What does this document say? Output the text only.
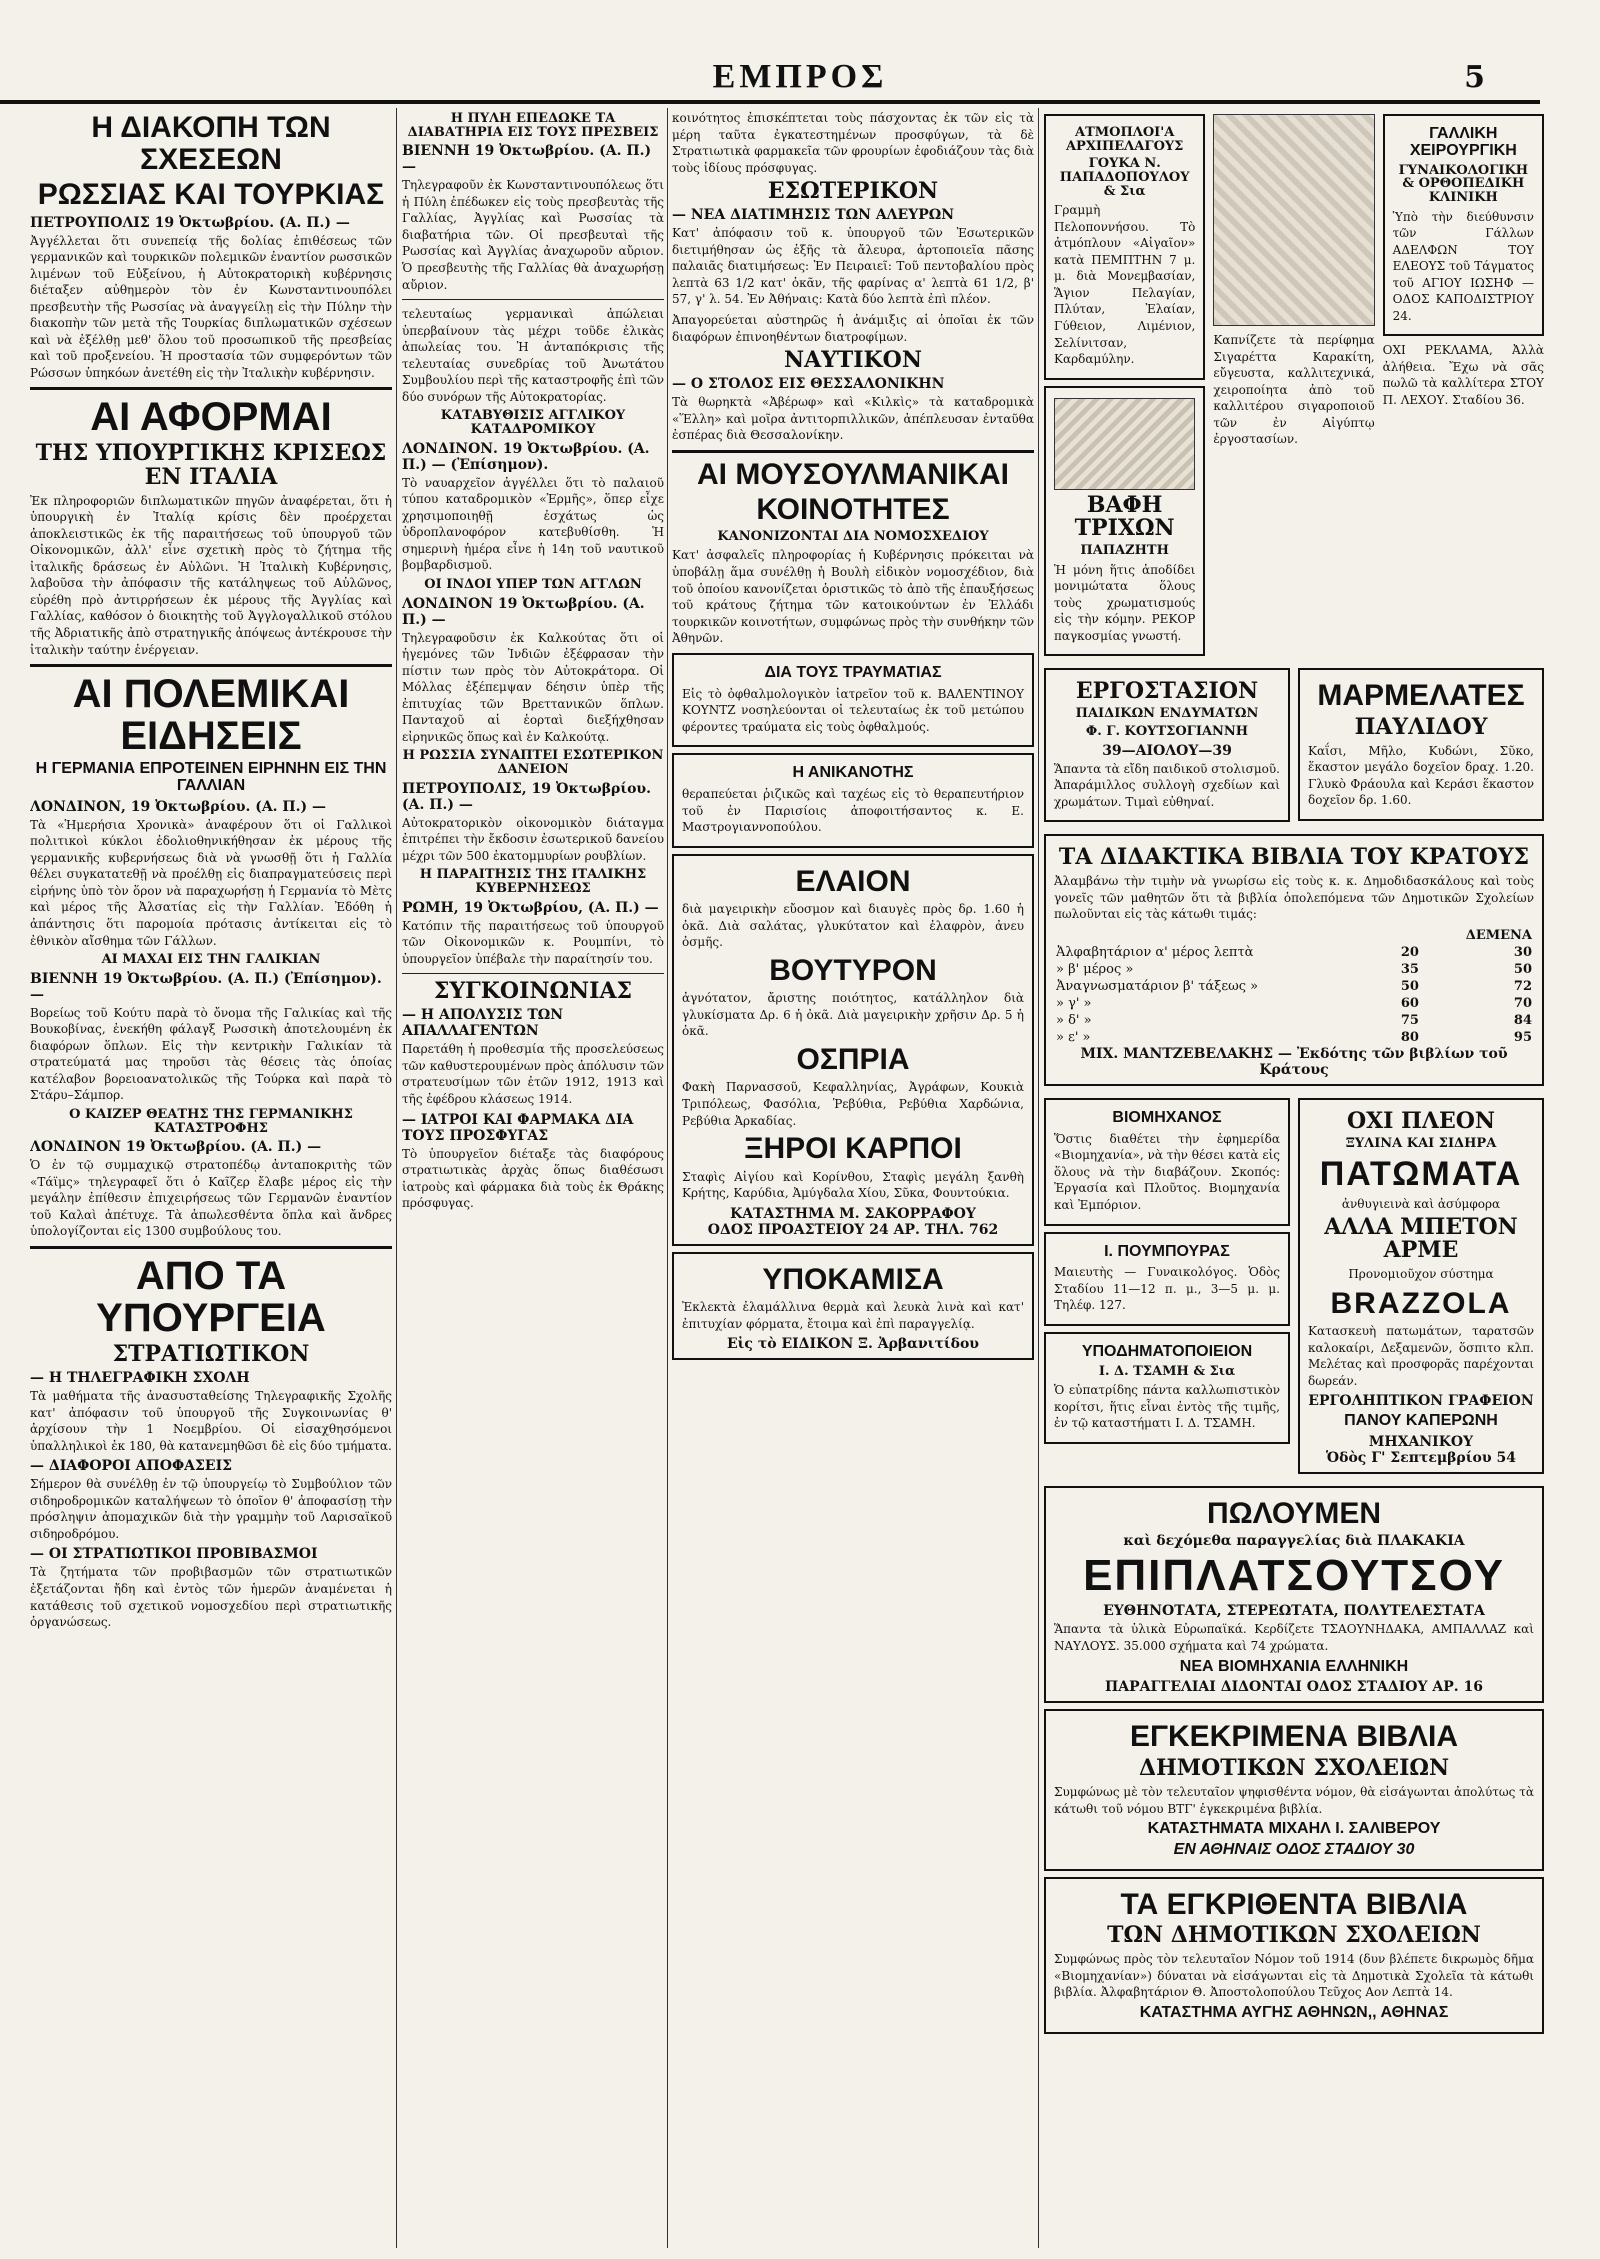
ΕΜΠΡΟΣ	5
Η ΔΙΑΚΟΠΗ ΤΩΝ ΣΧΕΣΕΩΝ
ΡΩΣΣΙΑΣ ΚΑΙ ΤΟΥΡΚΙΑΣ
ΠΕΤΡΟΥΠΟΛΙΣ 19 Ὀκτωβρίου. (Α. Π.) —
Ἀγγέλλεται ὅτι συνεπείᾳ τῆς δολίας ἐπιθέσεως τῶν γερμανικῶν καὶ τουρκικῶν πολεμικῶν ἐναντίον ρωσσικῶν λιμένων τοῦ Εὐξείνου, ἡ Αὐτοκρατορικὴ κυβέρνησις διέταξεν αὐθημερὸν τὸν ἐν Κωνσταντινουπόλει πρεσβευτὴν τῆς Ρωσσίας νὰ ἀναγγείλῃ εἰς τὴν Πύλην τὴν διακοπὴν τῶν μετὰ τῆς Τουρκίας διπλωματικῶν σχέσεων καὶ νὰ ἐξέλθῃ μεθ' ὅλου τοῦ προσωπικοῦ τῆς πρεσβείας καὶ τοῦ προξενείου. Ἡ προστασία τῶν συμφερόντων τῶν Ρώσσων ὑπηκόων ἀνετέθη εἰς τὴν Ἰταλικὴν κυβέρνησιν.
ΑΙ ΑΦΟΡΜΑΙ
ΤΗΣ ΥΠΟΥΡΓΙΚΗΣ ΚΡΙΣΕΩΣ ΕΝ ΙΤΑΛΙΑ
Ἐκ πληροφοριῶν διπλωματικῶν πηγῶν ἀναφέρεται, ὅτι ἡ ὑπουργικὴ ἐν Ἰταλίᾳ κρίσις δὲν προέρχεται ἀποκλειστικῶς ἐκ τῆς παραιτήσεως τοῦ ὑπουργοῦ τῶν Οἰκονομικῶν, ἀλλ' εἶνε σχετικὴ πρὸς τὸ ζήτημα τῆς ἰταλικῆς δράσεως ἐν Αὐλῶνι. Ἡ Ἰταλικὴ Κυβέρνησις, λαβοῦσα τὴν ἀπόφασιν τῆς κατάληψεως τοῦ Αὐλῶνος, εὑρέθη πρὸ ἀντιρρήσεων ἐκ μέρους τῆς Ἀγγλίας καὶ Γαλλίας, καθόσον ὁ διοικητὴς τοῦ Ἀγγλογαλλικοῦ στόλου τῆς Ἀδριατικῆς ἀπὸ στρατηγικῆς ἀπόψεως ἀντέκρουσε τὴν ἰταλικὴν ταύτην ἐνέργειαν.
ΑΙ ΠΟΛΕΜΙΚΑΙ ΕΙΔΗΣΕΙΣ
Η ΓΕΡΜΑΝΙΑ ΕΠΡΟΤΕΙΝΕΝ ΕΙΡΗΝΗΝ ΕΙΣ ΤΗΝ ΓΑΛΛΙΑΝ
ΛΟΝΔΙΝΟΝ, 19 Ὀκτωβρίου. (Α. Π.) —
Τὰ «Ἡμερήσια Χρονικὰ» ἀναφέρουν ὅτι οἱ Γαλλικοὶ πολιτικοὶ κύκλοι ἐδολιοθηνικήθησαν ἐκ μέρους τῆς γερμανικῆς κυβερνήσεως διὰ νὰ γνωσθῇ ὅτι ἡ Γαλλία θέλει συγκατατεθῇ νὰ προέλθῃ εἰς διαπραγματεύσεις περὶ εἰρήνης ὑπὸ τὸν ὅρον νὰ παραχωρήσῃ ἡ Γερμανία τὸ Μὲτς καὶ μέρος τῆς Ἀλσατίας εἰς τὴν Γαλλίαν. Ἐδόθη ἡ ἀπάντησις ὅτι παρομοία πρότασις ἀντίκειται εἰς τὸ ἐθνικὸν αἴσθημα τῶν Γάλλων.
ΑΙ ΜΑΧΑΙ ΕΙΣ ΤΗΝ ΓΑΛΙΚΙΑΝ
ΒΙΕΝΝΗ 19 Ὀκτωβρίου. (Α. Π.) (Ἐπίσημον). —
Βορείως τοῦ Κούτυ παρὰ τὸ ὄνομα τῆς Γαλικίας καὶ τῆς Βουκοβίνας, ἐνεκήθη φάλαγξ Ρωσσικὴ ἀποτελουμένη ἐκ διαφόρων ὅπλων. Εἰς τὴν κεντρικὴν Γαλικίαν τὰ στρατεύματά μας τηροῦσι τὰς θέσεις τὰς ὁποίας κατέλαβον βορειοανατολικῶς τῆς Τούρκα καὶ παρὰ τὸ Στάρυ–Σάμπορ.
Ο ΚΑΙΖΕΡ ΘΕΑΤΗΣ ΤΗΣ ΓΕΡΜΑΝΙΚΗΣ ΚΑΤΑΣΤΡΟΦΗΣ
ΛΟΝΔΙΝΟΝ 19 Ὀκτωβρίου. (Α. Π.) —
Ὁ ἐν τῷ συμμαχικῷ στρατοπέδῳ ἀνταποκριτὴς τῶν «Τάϊμς» τηλεγραφεῖ ὅτι ὁ Καῖζερ ἔλαβε μέρος εἰς τὴν μεγάλην ἐπίθεσιν ἐπιχειρήσεως τῶν Γερμανῶν ἐναντίον τοῦ Καλαὶ ἀπέτυχε. Τὰ ἀπωλεσθέντα ὅπλα καὶ ἄνδρες ὑπολογίζονται εἰς 1300 συμβούλους του.
ΑΠΟ ΤΑ ΥΠΟΥΡΓΕΙΑ
ΣΤΡΑΤΙΩΤΙΚΟΝ
— Η ΤΗΛΕΓΡΑΦΙΚΗ ΣΧΟΛΗ
Τὰ μαθήματα τῆς ἀνασυσταθείσης Τηλεγραφικῆς Σχολῆς κατ' ἀπόφασιν τοῦ ὑπουργοῦ τῆς Συγκοινωνίας θ' ἀρχίσουν τὴν 1 Νοεμβρίου. Οἱ εἰσαχθησόμενοι ὑπαλληλικοὶ ἐκ 180, θὰ κατανεμηθῶσι δὲ εἰς δύο τμήματα.
— ΔΙΑΦΟΡΟΙ ΑΠΟΦΑΣΕΙΣ
Σήμερον θὰ συνέλθῃ ἐν τῷ ὑπουργείῳ τὸ Συμβούλιον τῶν σιδηροδρομικῶν καταλήψεων τὸ ὁποῖον θ' ἀποφασίσῃ τὴν πρόσληψιν ἀπομαχικῶν διὰ τὴν γραμμὴν τοῦ Λαρισαϊκοῦ σιδηροδρόμου.
— ΟΙ ΣΤΡΑΤΙΩΤΙΚΟΙ ΠΡΟΒΙΒΑΣΜΟΙ
Τὰ ζητήματα τῶν προβιβασμῶν τῶν στρατιωτικῶν ἐξετάζονται ἤδη καὶ ἐντὸς τῶν ἡμερῶν ἀναμένεται ἡ κατάθεσις τοῦ σχετικοῦ νομοσχεδίου περὶ στρατιωτικῆς ὀργανώσεως.
Η ΠΥΛΗ ΕΠΕΔΩΚΕ ΤΑ ΔΙΑΒΑΤΗΡΙΑ ΕΙΣ ΤΟΥΣ ΠΡΕΣΒΕΙΣ
ΒΙΕΝΝΗ 19 Ὀκτωβρίου. (Α. Π.) —
Τηλεγραφοῦν ἐκ Κωνσταντινουπόλεως ὅτι ἡ Πύλη ἐπέδωκεν εἰς τοὺς πρεσβευτὰς τῆς Γαλλίας, Ἀγγλίας καὶ Ρωσσίας τὰ διαβατήρια τῶν. Οἱ πρεσβευταὶ τῆς Ρωσσίας καὶ Ἀγγλίας ἀναχωροῦν αὔριον. Ὁ πρεσβευτὴς τῆς Γαλλίας θὰ ἀναχωρήσῃ αὔριον.
τελευταίως γερμανικαὶ ἀπώλειαι ὑπερβαίνουν τὰς μέχρι τοῦδε ἐλικὰς ἀπωλείας του. Ἡ ἀνταπόκρισις τῆς τελευταίας συνεδρίας τοῦ Ἀνωτάτου Συμβουλίου περὶ τῆς καταστροφῆς ἐπὶ τῶν δύο συνόρων τῆς Αὐτοκρατορίας.
ΚΑΤΑΒΥΘΙΣΙΣ ΑΓΓΛΙΚΟΥ ΚΑΤΑΔΡΟΜΙΚΟΥ
ΛΟΝΔΙΝΟΝ. 19 Ὀκτωβρίου. (Α. Π.) — (Ἐπίσημον).
Τὸ ναυαρχεῖον ἀγγέλλει ὅτι τὸ παλαιοῦ τύπου καταδρομικὸν «Ἑρμῆς», ὅπερ εἶχε χρησιμοποιηθῇ ἐσχάτως ὡς ὑδροπλανοφόρον κατεβυθίσθη. Ἡ σημερινὴ ἡμέρα εἶνε ἡ 14η τοῦ ναυτικοῦ βομβαρδισμοῦ.
ΟΙ ΙΝΔΟΙ ΥΠΕΡ ΤΩΝ ΑΓΓΛΩΝ
ΛΟΝΔΙΝΟΝ 19 Ὀκτωβρίου. (Α. Π.) —
Τηλεγραφοῦσιν ἐκ Καλκούτας ὅτι οἱ ἡγεμόνες τῶν Ἰνδιῶν ἐξέφρασαν τὴν πίστιν των πρὸς τὸν Αὐτοκράτορα. Οἱ Μόλλας ἐξέπεμψαν δέησιν ὑπὲρ τῆς ἐπιτυχίας τῶν Βρεττανικῶν ὅπλων. Πανταχοῦ αἱ ἑορταὶ διεξήχθησαν εἰρηνικῶς ὅπως καὶ ἐν Καλκούτᾳ.
Η ΡΩΣΣΙΑ ΣΥΝΑΠΤΕΙ ΕΣΩΤΕΡΙΚΟΝ ΔΑΝΕΙΟΝ
ΠΕΤΡΟΥΠΟΛΙΣ, 19 Ὀκτωβρίου. (Α. Π.) —
Αὐτοκρατορικὸν οἰκονομικὸν διάταγμα ἐπιτρέπει τὴν ἔκδοσιν ἐσωτερικοῦ δανείου μέχρι τῶν 500 ἑκατομμυρίων ρουβλίων.
Η ΠΑΡΑΙΤΗΣΙΣ ΤΗΣ ΙΤΑΛΙΚΗΣ ΚΥΒΕΡΝΗΣΕΩΣ
ΡΩΜΗ, 19 Ὀκτωβρίου, (Α. Π.) —
Κατόπιν τῆς παραιτήσεως τοῦ ὑπουργοῦ τῶν Οἰκονομικῶν κ. Ρουμπίνι, τὸ ὑπουργεῖον ὑπέβαλε τὴν παραίτησίν του.
ΣΥΓΚΟΙΝΩΝΙΑΣ
— Η ΑΠΟΛΥΣΙΣ ΤΩΝ ΑΠΑΛΛΑΓΕΝΤΩΝ
Παρετάθη ἡ προθεσμία τῆς προσελεύσεως τῶν καθυστερουμένων πρὸς ἀπόλυσιν τῶν στρατευσίμων τῶν ἐτῶν 1912, 1913 καὶ τῆς ἐφέδρου κλάσεως 1914.
— ΙΑΤΡΟΙ ΚΑΙ ΦΑΡΜΑΚΑ ΔΙΑ ΤΟΥΣ ΠΡΟΣΦΥΓΑΣ
Τὸ ὑπουργεῖον διέταξε τὰς διαφόρους στρατιωτικὰς ἀρχὰς ὅπως διαθέσωσι ἰατροὺς καὶ φάρμακα διὰ τοὺς ἐκ Θράκης πρόσφυγας.
κοινότητος ἐπισκέπτεται τοὺς πάσχοντας ἐκ τῶν εἰς τὰ μέρη ταῦτα ἐγκατεστημένων προσφύγων, τὰ δὲ Στρατιωτικὰ φαρμακεῖα τῶν φρουρίων ἐφοδιάζουν τὰς διὰ τοὺς ἰδίους πρόσφυγας.
ΕΣΩΤΕΡΙΚΟΝ
— ΝΕΑ ΔΙΑΤΙΜΗΣΙΣ ΤΩΝ ΑΛΕΥΡΩΝ
Κατ' ἀπόφασιν τοῦ κ. ὑπουργοῦ τῶν Ἐσωτερικῶν διετιμήθησαν ὡς ἑξῆς τὰ ἄλευρα, ἀρτοποιεῖα πᾶσης παλαιᾶς διατιμήσεως: Ἐν Πειραιεῖ: Τοῦ πεντοβαλίου πρὸς λεπτὰ 63 1/2 κατ' ὀκᾶν, τῆς φαρίνας α' λεπτὰ 61 1/2, β' 57, γ' λ. 54. Ἐν Ἀθήναις: Κατὰ δύο λεπτὰ ἐπὶ πλέον.
Ἀπαγορεύεται αὐστηρῶς ἡ ἀνάμιξις αἱ ὁποῖαι ἐκ τῶν διαφόρων ἐπινοηθέντων διατροφίμων.
ΝΑΥΤΙΚΟΝ
— Ο ΣΤΟΛΟΣ ΕΙΣ ΘΕΣΣΑΛΟΝΙΚΗΝ
Τὰ θωρηκτὰ «Ἀβέρωφ» καὶ «Κιλκὶς» τὰ καταδρομικὰ «Ἕλλη» καὶ μοῖρα ἀντιτορπιλλικῶν, ἀπέπλευσαν ἐνταῦθα ἐσπέρας διὰ Θεσσαλονίκην.
ΑΙ ΜΟΥΣΟΥΛΜΑΝΙΚΑΙ
ΚΟΙΝΟΤΗΤΕΣ
ΚΑΝΟΝΙΖΟΝΤΑΙ ΔΙΑ ΝΟΜΟΣΧΕΔΙΟΥ
Κατ' ἀσφαλεῖς πληροφορίας ἡ Κυβέρνησις πρόκειται νὰ ὑποβάλῃ ἅμα συνέλθῃ ἡ Βουλὴ εἰδικὸν νομοσχέδιον, διὰ τοῦ ὁποίου κανονίζεται ὁριστικῶς τὸ ἀπὸ τῆς ἐπαυξήσεως τοῦ κράτους ζήτημα τῶν κατοικούντων ἐν Ἑλλάδι τουρκικῶν κοινοτήτων, συμφώνως πρὸς τὴν συνθήκην τῶν Ἀθηνῶν.
ΔΙΑ ΤΟΥΣ ΤΡΑΥΜΑΤΙΑΣ
Εἰς τὸ ὀφθαλμολογικὸν ἰατρεῖον τοῦ κ. ΒΑΛΕΝΤΙΝΟΥ ΚΟΥΝΤΖ νοσηλεύονται οἱ τελευταίως ἐκ τοῦ μετώπου φέροντες τραύματα εἰς τοὺς ὀφθαλμούς.
Η ΑΝΙΚΑΝΟΤΗΣ
θεραπεύεται ῥιζικῶς καὶ ταχέως εἰς τὸ θεραπευτήριον τοῦ ἐν Παρισίοις ἀποφοιτήσαντος κ. Ε. Μαστρογιαννοπούλου.
ΕΛΑΙΟΝ
διὰ μαγειρικὴν εὔοσμον καὶ διαυγὲς πρὸς δρ. 1.60 ἡ ὀκᾶ. Διὰ σαλάτας, γλυκύτατον καὶ ἐλαφρὸν, ἀνευ ὀσμῆς.
ΒΟΥΤΥΡΟΝ
ἀγνότατον, ἄριστης ποιότητος, κατάλληλον διὰ γλυκίσματα Δρ. 6 ἡ ὀκᾶ. Διὰ μαγειρικὴν χρῆσιν Δρ. 5 ἡ ὀκᾶ.
ΟΣΠΡΙΑ
Φακὴ Παρνασσοῦ, Κεφαλληνίας, Ἀγράφων, Κουκιὰ Τριπόλεως, Φασόλια, Ῥεβύθια, Ρεβύθια Χαρδώνια, Ρεβύθια Ἀρκαδίας.
ΞΗΡΟΙ ΚΑΡΠΟΙ
Σταφὶς Αἰγίου καὶ Κορίνθου, Σταφὶς μεγάλη ξανθὴ Κρήτης, Καρύδια, Ἀμύγδαλα Χίου, Σῦκα, Φουντούκια.
ΚΑΤΑΣΤΗΜΑ Μ. ΣΑΚΟΡΡΑΦΟΥ
ΟΔΟΣ ΠΡΟΑΣΤΕΙΟΥ 24 ΑΡ. ΤΗΛ. 762
ΥΠΟΚΑΜΙΣΑ
Ἐκλεκτὰ ἐλαμάλλινα θερμὰ καὶ λευκὰ λινὰ καὶ κατ' ἐπιτυχίαν φόρματα, ἔτοιμα καὶ ἐπὶ παραγγελίᾳ.
Εἰς τὸ ΕΙΔΙΚΟΝ Ξ. Ἀρβανιτίδου
ΑΤΜΟΠΛΟΙ'Α ΑΡΧΙΠΕΛΑΓΟΥΣ
ΓΟΥΚΑ Ν. ΠΑΠΑΔΟΠΟΥΛΟΥ & Σια
Γραμμὴ Πελοποννήσου. Τὸ ἀτμόπλουν «Αἰγαῖον» κατὰ ΠΕΜΠΤΗΝ 7 μ. μ. διὰ Μονεμβασίαν, Ἅγιον Πελαγίαν, Πλύταν, Ἐλαίαν, Γύθειον, Λιμένιον, Σελίνιτσαν, Καρδαμύλην.
ΒΑΦΗ ΤΡΙΧΩΝ
ΠΑΠΑΖΗΤΗ
Ἡ μόνη ἥτις ἀποδίδει μονιμώτατα ὅλους τοὺς χρωματισμούς εἰς τὴν κόμην. ΡΕΚΟΡ παγκοσμίας γνωστή.
Καπνίζετε τὰ περίφημα Σιγαρέττα Καρακίτη, εὔγευστα, καλλιτεχνικά, χειροποίητα ἀπὸ τοῦ καλλιτέρου σιγαροποιοῦ τῶν ἐν Αἰγύπτῳ ἐργοστασίων.
ΓΑΛΛΙΚΗ ΧΕΙΡΟΥΡΓΙΚΗ
ΓΥΝΑΙΚΟΛΟΓΙΚΗ & ΟΡΘΟΠΕΔΙΚΗ ΚΛΙΝΙΚΗ
Ὑπὸ τὴν διεύθυνσιν τῶν Γάλλων ΑΔΕΛΦΩΝ ΤΟΥ ΕΛΕΟΥΣ τοῦ Τάγματος τοῦ ΑΓΙΟΥ ΙΩΣΗΦ — ΟΔΟΣ ΚΑΠΟΔΙΣΤΡΙΟΥ 24.
ΟΧΙ ΡΕΚΛΑΜΑ, Ἀλλὰ ἀλήθεια. Ἔχω νὰ σᾶς πωλῶ τὰ καλλίτερα ΣΤΟΥ Π. ΛΕΧΟΥ. Σταδίου 36.
ΕΡΓΟΣΤΑΣΙΟΝ
ΠΑΙΔΙΚΩΝ ΕΝΔΥΜΑΤΩΝ
Φ. Γ. ΚΟΥΤΣΟΓΙΑΝΝΗ
39—ΑΙΟΛΟΥ—39
Ἅπαντα τὰ εἴδη παιδικοῦ στολισμοῦ. Ἀπαράμιλλος συλλογὴ σχεδίων καὶ χρωμάτων. Τιμαὶ εὐθηναί.
ΜΑΡΜΕΛΑΤΕΣ
ΠΑΥΛΙΔΟΥ
Καΐσι, Μῆλο, Κυδώνι, Σῦκο, ἕκαστον μεγάλο δοχεῖον δραχ. 1.20. Γλυκὸ Φράουλα καὶ Κεράσι ἕκαστον δοχεῖον δρ. 1.60.
ΤΑ ΔΙΔΑΚΤΙΚΑ ΒΙΒΛΙΑ ΤΟΥ ΚΡΑΤΟΥΣ
Ἀλαμβάνω τὴν τιμὴν νὰ γνωρίσω εἰς τοὺς κ. κ. Δημοδιδασκάλους καὶ τοὺς γονεῖς τῶν μαθητῶν ὅτι τὰ βιβλία ὁπολεπόμενα τῶν Δημοτικῶν Σχολείων πωλοῦνται εἰς τὰς κάτωθι τιμάς:
		ΔΕΜΕΝΑ
Ἀλφαβητάριον α' μέρος λεπτὰ	20	30
» β' μέρος »	35	50
Ἀναγνωσματάριον β' τάξεως »	50	72
» γ' »	60	70
» δ' »	75	84
» ε' »	80	95
ΜΙΧ. ΜΑΝΤΖΕΒΕΛΑΚΗΣ — Ἐκδότης τῶν βιβλίων τοῦ Κράτους
ΒΙΟΜΗΧΑΝΟΣ
Ὅστις διαθέτει τὴν ἐφημερίδα «Βιομηχανία», νὰ τὴν θέσει κατὰ εἰς ὅλους νὰ τὴν διαβάζουν. Σκοπός: Ἐργασία καὶ Πλοῦτος. Βιομηχανία καὶ Ἐμπόριον.
Ι. ΠΟΥΜΠΟΥΡΑΣ
Μαιευτὴς — Γυναικολόγος. Ὁδὸς Σταδίου 11—12 π. μ., 3—5 μ. μ. Τηλέφ. 127.
ΥΠΟΔΗΜΑΤΟΠΟΙΕΙΟΝ
Ι. Δ. ΤΣΑΜΗ & Σια
Ὁ εὐπατρίδης πάντα καλλωπιστικὸν κορίτσι, ἥτις εἶναι ἐντὸς τῆς τιμῆς, ἐν τῷ καταστήματι Ι. Δ. ΤΣΑΜΗ.
ΟΧΙ ΠΛΕΟΝ
ΞΥΛΙΝΑ ΚΑΙ ΣΙΔΗΡΑ
ΠΑΤΩΜΑΤΑ
ἀνθυγιεινὰ καὶ ἀσύμφορα
ΑΛΛΑ ΜΠΕΤΟΝ ΑΡΜΕ
Προνομιοῦχον σύστημα
BRAZZOLA
Κατασκευὴ πατωμάτων, ταρατσῶν καλοκαίρι, Δεξαμενῶν, ὅσπιτο κλπ. Μελέτας καὶ προσφορᾶς παρέχονται δωρεάν.
ΕΡΓΟΛΗΠΤΙΚΟΝ ΓΡΑΦΕΙΟΝ
ΠΑΝΟΥ ΚΑΠΕΡΩΝΗ
ΜΗΧΑΝΙΚΟΥ
Ὁδὸς Γ' Σεπτεμβρίου 54
ΠΩΛΟΥΜΕΝ
καὶ δεχόμεθα παραγγελίας διὰ ΠΛΑΚΑΚΙΑ
ΕΠΙΠΛΑΤΣΟΥΤΣΟΥ
ΕΥΘΗΝΟΤΑΤΑ, ΣΤΕΡΕΩΤΑΤΑ, ΠΟΛΥΤΕΛΕΣΤΑΤΑ
Ἅπαντα τὰ ὑλικὰ Εὐρωπαϊκά. Κερδίζετε ΤΣΑΟΥΝΗΔΑΚΑ, ΑΜΠΑΛΛΑΖ καὶ ΝΑΥΛΟΥΣ. 35.000 σχήματα καὶ 74 χρώματα.
ΝΕΑ ΒΙΟΜΗΧΑΝΙΑ ΕΛΛΗΝΙΚΗ
ΠΑΡΑΓΓΕΛΙΑΙ ΔΙΔΟΝΤΑΙ ΟΔΟΣ ΣΤΑΔΙΟΥ ΑΡ. 16
ΕΓΚΕΚΡΙΜΕΝΑ ΒΙΒΛΙΑ
ΔΗΜΟΤΙΚΩΝ ΣΧΟΛΕΙΩΝ
Συμφώνως μὲ τὸν τελευταῖον ψηφισθέντα νόμον, θὰ εἰσάγωνται ἀπολύτως τὰ κάτωθι τοῦ νόμου ΒΤΓ' ἐγκεκριμένα βιβλία.
ΚΑΤΑΣΤΗΜΑΤΑ ΜΙΧΑΗΛ Ι. ΣΑΛΙΒΕΡΟΥ
ΕΝ ΑΘΗΝΑΙΣ ΟΔΟΣ ΣΤΑΔΙΟΥ 30
ΤΑ ΕΓΚΡΙΘΕΝΤΑ ΒΙΒΛΙΑ
ΤΩΝ ΔΗΜΟΤΙΚΩΝ ΣΧΟΛΕΙΩΝ
Συμφώνως πρὸς τὸν τελευταῖον Νόμον τοῦ 1914 (δυν βλέπετε δικρωμὸς δῆμα «Βιομηχανίαν») δύναται νὰ εἰσάγωνται εἰς τὰ Δημοτικὰ Σχολεῖα τὰ κάτωθι βιβλία. Ἀλφαβητάριον Θ. Ἀποστολοπούλου Τεῦχος Αον Λεπτὰ 14.
ΚΑΤΑΣΤΗΜΑ ΑΥΓΗΣ ΑΘΗΝΩΝ,, ΑΘΗΝΑΣ
